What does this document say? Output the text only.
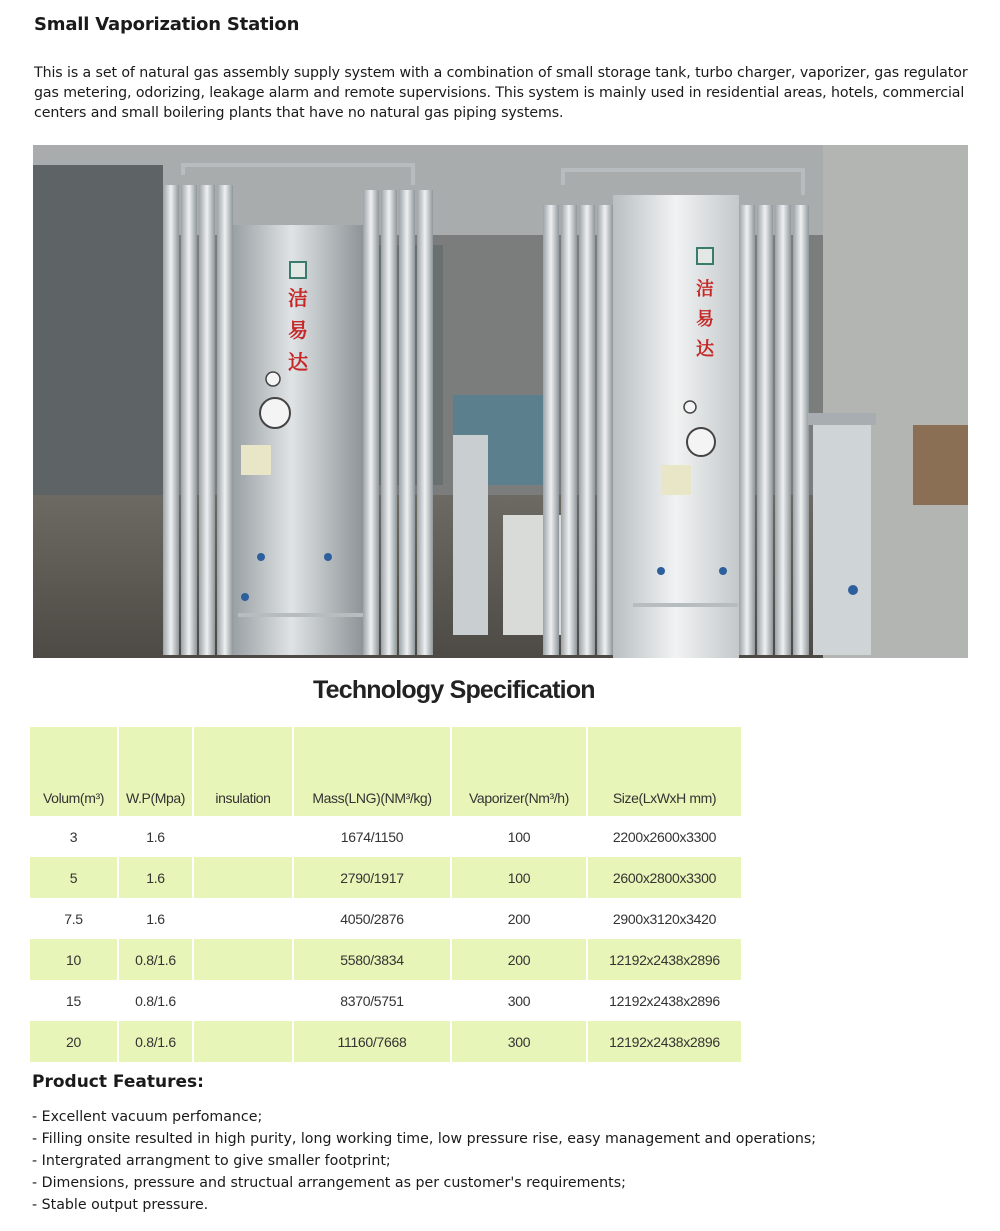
Small Vaporization Station
This is a set of natural gas assembly supply system with a combination of small storage tank, turbo charger, vaporizer, gas regulator gas metering, odorizing, leakage alarm and remote supervisions. This system is mainly used in residential areas, hotels, commercial centers and small boilering plants that have no natural gas piping systems.
洁
易
达
洁
易
达
Technology Specification
Volum(m³)	W.P(Mpa)	insulation	Mass(LNG)(NM³/kg)	Vaporizer(Nm³/h)	Size(LxWxH mm)
3	1.6		1674/1150	100	2200x2600x3300
5	1.6		2790/1917	100	2600x2800x3300
7.5	1.6		4050/2876	200	2900x3120x3420
10	0.8/1.6		5580/3834	200	12192x2438x2896
15	0.8/1.6		8370/5751	300	12192x2438x2896
20	0.8/1.6		11160/7668	300	12192x2438x2896
Product Features:
- Excellent vacuum perfomance;
- Filling onsite resulted in high purity, long working time, low pressure rise, easy management and operations;
- Intergrated arrangment to give smaller footprint;
- Dimensions, pressure and structual arrangement as per customer's requirements;
- Stable output pressure.
